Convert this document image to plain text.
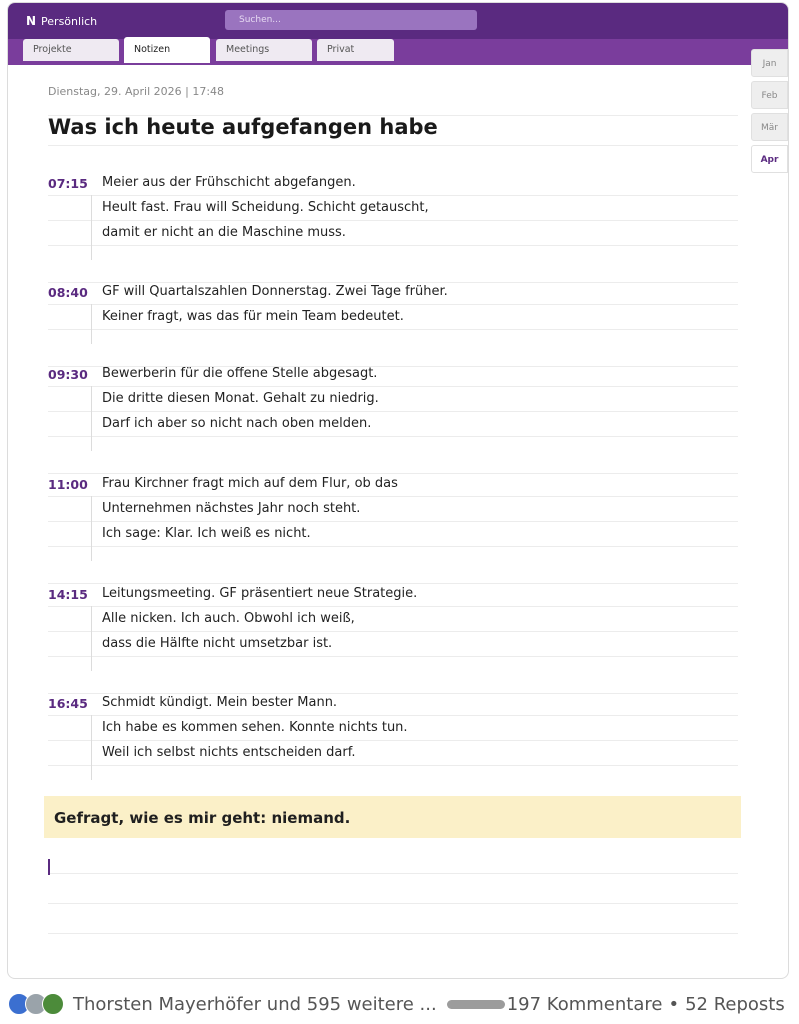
N Persönlich	Suchen...
Projekte	Notizen	Meetings	Privat
Jan
Feb
Mär
Apr
Dienstag, 29. April 2026 | 17:48
Was ich heute aufgefangen habe
07:15 Meier aus der Frühschicht abgefangen.
Heult fast. Frau will Scheidung. Schicht getauscht,
damit er nicht an die Maschine muss.
08:40 GF will Quartalszahlen Donnerstag. Zwei Tage früher.
Keiner fragt, was das für mein Team bedeutet.
09:30 Bewerberin für die offene Stelle abgesagt.
Die dritte diesen Monat. Gehalt zu niedrig.
Darf ich aber so nicht nach oben melden.
11:00 Frau Kirchner fragt mich auf dem Flur, ob das
Unternehmen nächstes Jahr noch steht.
Ich sage: Klar. Ich weiß es nicht.
14:15 Leitungsmeeting. GF präsentiert neue Strategie.
Alle nicken. Ich auch. Obwohl ich weiß,
dass die Hälfte nicht umsetzbar ist.
16:45 Schmidt kündigt. Mein bester Mann.
Ich habe es kommen sehen. Konnte nichts tun.
Weil ich selbst nichts entscheiden darf.
Gefragt, wie es mir geht: niemand.
Thorsten Mayerhöfer und 595 weitere ...	197 Kommentare • 52 Reposts
